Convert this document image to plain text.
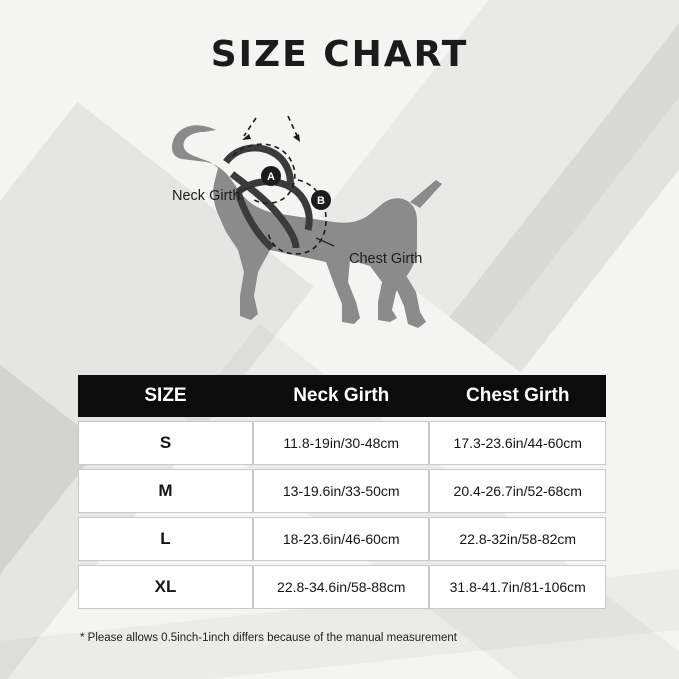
SIZE CHART
A
B
Neck Girth
Chest Girth
SIZE	Neck Girth	Chest Girth
S	11.8-19in/30-48cm	17.3-23.6in/44-60cm
M	13-19.6in/33-50cm	20.4-26.7in/52-68cm
L	18-23.6in/46-60cm	22.8-32in/58-82cm
XL	22.8-34.6in/58-88cm	31.8-41.7in/81-106cm
* Please allows 0.5inch-1inch differs because of the manual measurement
